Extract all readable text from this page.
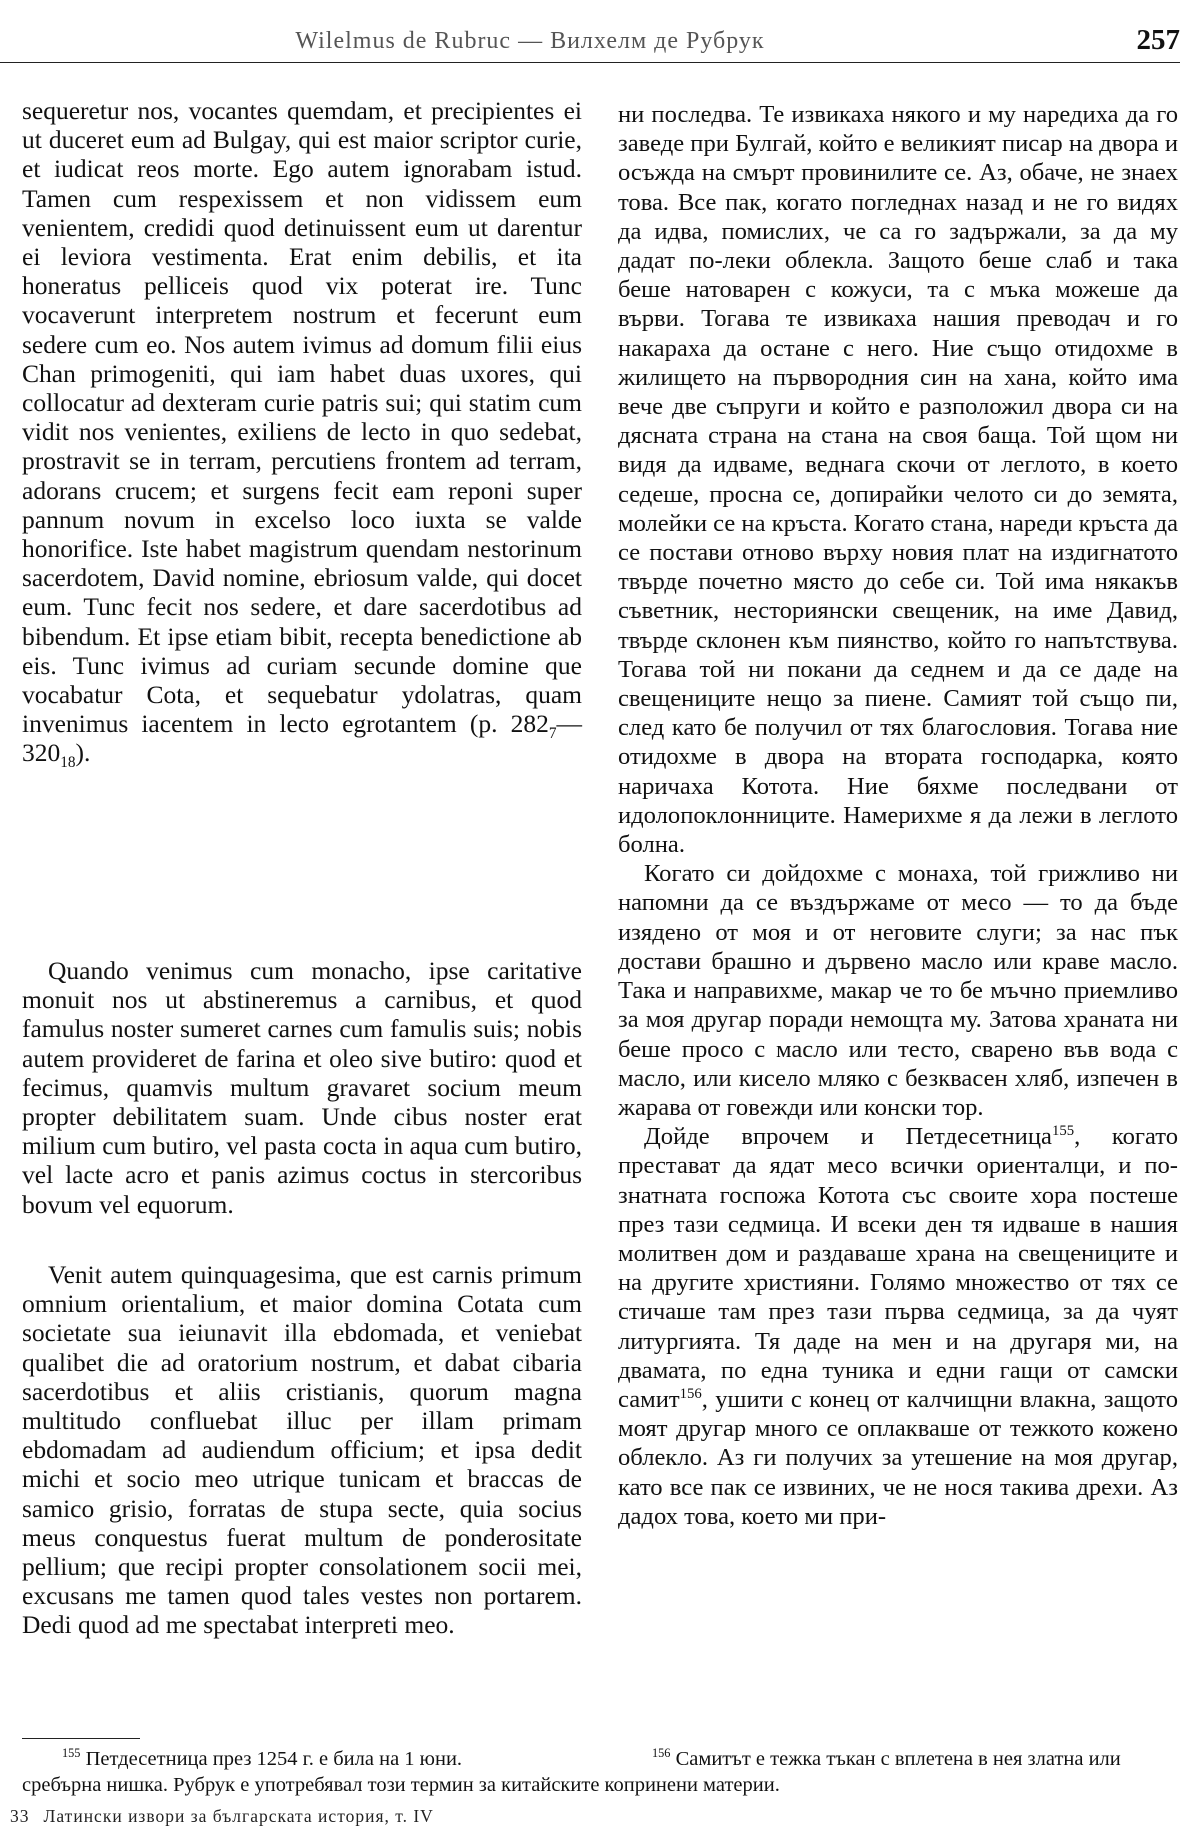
Wilelmus de Rubruc — Вилхелм де Рубрук	257

sequeretur nos, vocantes quemdam, et precipientes ei ut duceret eum ad Bulgay, qui est maior scriptor curie, et iudicat reos morte. Ego autem ignorabam istud. Tamen cum respexissem et non vidissem eum venientem, credidi quod detinuissent eum ut darentur ei leviora vestimenta. Erat enim debilis, et ita honeratus pelliceis quod vix poterat ire. Tunc vocaverunt interpretem nostrum et fecerunt eum sedere cum eo. Nos autem ivimus ad domum filii eius Chan primogeniti, qui iam habet duas uxores, qui collocatur ad dexteram curie patris sui; qui statim cum vidit nos venientes, exiliens de lecto in quo sedebat, prostravit se in terram, percutiens frontem ad terram, adorans crucem; et surgens fecit eam reponi super pannum novum in excelso loco iuxta se valde honorifice. Iste habet magistrum quendam nestorinum sacerdotem, David nomine, ebriosum valde, qui docet eum. Tunc fecit nos sedere, et dare sacerdotibus ad bibendum. Et ipse etiam bibit, recepta benedictione ab eis. Tunc ivimus ad curiam secunde domine que vocabatur Cota, et sequebatur ydolatras, quam invenimus iacentem in lecto egrotantem (p. $282_7—320_{18}$).

Quando venimus cum monacho, ipse caritative monuit nos ut abstineremus a carnibus, et quod famulus noster sumeret carnes cum famulis suis; nobis autem provideret de farina et oleo sive butiro: quod et fecimus, quamvis multum gravaret socium meum propter debilitatem suam. Unde cibus noster erat milium cum butiro, vel pasta cocta in aqua cum butiro, vel lacte acro et panis azimus coctus in stercoribus bovum vel equorum.

Venit autem quinquagesima, que est carnis primum omnium orientalium, et maior domina Cotata cum societate sua ieiunavit illa ebdomada, et veniebat qualibet die ad oratorium nostrum, et dabat cibaria sacerdotibus et aliis cristianis, quorum magna multitudo confluebat illuc per illam primam ebdomadam ad audiendum officium; et ipsa dedit michi et socio meo utrique tunicam et braccas de samico grisio, forratas de stupa secte, quia socius meus conquestus fuerat multum de ponderositate pellium; que recipi propter consolationem socii mei, excusans me tamen quod tales vestes non portarem. Dedi quod ad me spectabat interpreti meo.

ни последва. Те извикаха някого и му наредиха да го заведе при Булгай, който е великият писар на двора и осъжда на смърт провинилите се. Аз, обаче, не знаех това. Все пак, когато погледнах назад и не го видях да идва, помислих, че са го задържали, за да му дадат по-леки облекла. Защото беше слаб и така беше натоварен с кожуси, та с мъка можеше да върви. Тогава те извикаха нашия преводач и го накараха да остане с него. Ние също отидохме в жилището на първородния син на хана, който има вече две съпруги и който е разположил двора си на дясната страна на стана на своя баща. Той щом ни видя да идваме, веднага скочи от леглото, в което седеше, просна се, допирайки челото си до земята, молейки се на кръста. Когато стана, нареди кръста да се постави отново върху новия плат на издигнатото твърде почетно място до себе си. Той има някакъв съветник, несториянски свещеник, на име Давид, твърде склонен към пиянство, който го напътствува. Тогава той ни покани да седнем и да се даде на свещениците нещо за пиене. Самият той също пи, след като бе получил от тях благословия. Тогава ние отидохме в двора на втората господарка, която наричаха Котота. Ние бяхме последвани от идолопоклонниците. Намерихме я да лежи в леглото болна.

Когато си дойдохме с монаха, той грижливо ни напомни да се въздържаме от месо — то да бъде изядено от моя и от неговите слуги; за нас пък достави брашно и дървено масло или краве масло. Така и направихме, макар че то бе мъчно приемливо за моя другар поради немощта му. Затова храната ни беше просо с масло или тесто, сварено във вода с масло, или кисело мляко с безквасен хляб, изпечен в жарава от говежди или конски тор.

Дойде впрочем и Петдесетница$^{155}$, когато престават да ядат месо всички ориенталци, и по-знатната госпожа Котота със своите хора постеше през тази седмица. И всеки ден тя идваше в нашия молитвен дом и раздаваше храна на свещениците и на другите християни. Голямо множество от тях се стичаше там през тази първа седмица, за да чуят литургията. Тя даде на мен и на другаря ми, на двамата, по една туника и едни гащи от самски самит$^{156}$, ушити с конец от калчищни влакна, защото моят другар много се оплакваше от тежкото кожено облекло. Аз ги получих за утешение на моя другар, като все пак се извиних, че не нося такива дрехи. Аз дадох това, което ми при-

$^{155}$ Петдесетница през 1254 г. е била на 1 юни.	$^{156}$ Самитът е тежка тъкан с вплетена в нея златна или сребърна нишка. Рубрук е употребявал този термин за китайските копринени материи.

33 Латински извори за българската история, т. IV
